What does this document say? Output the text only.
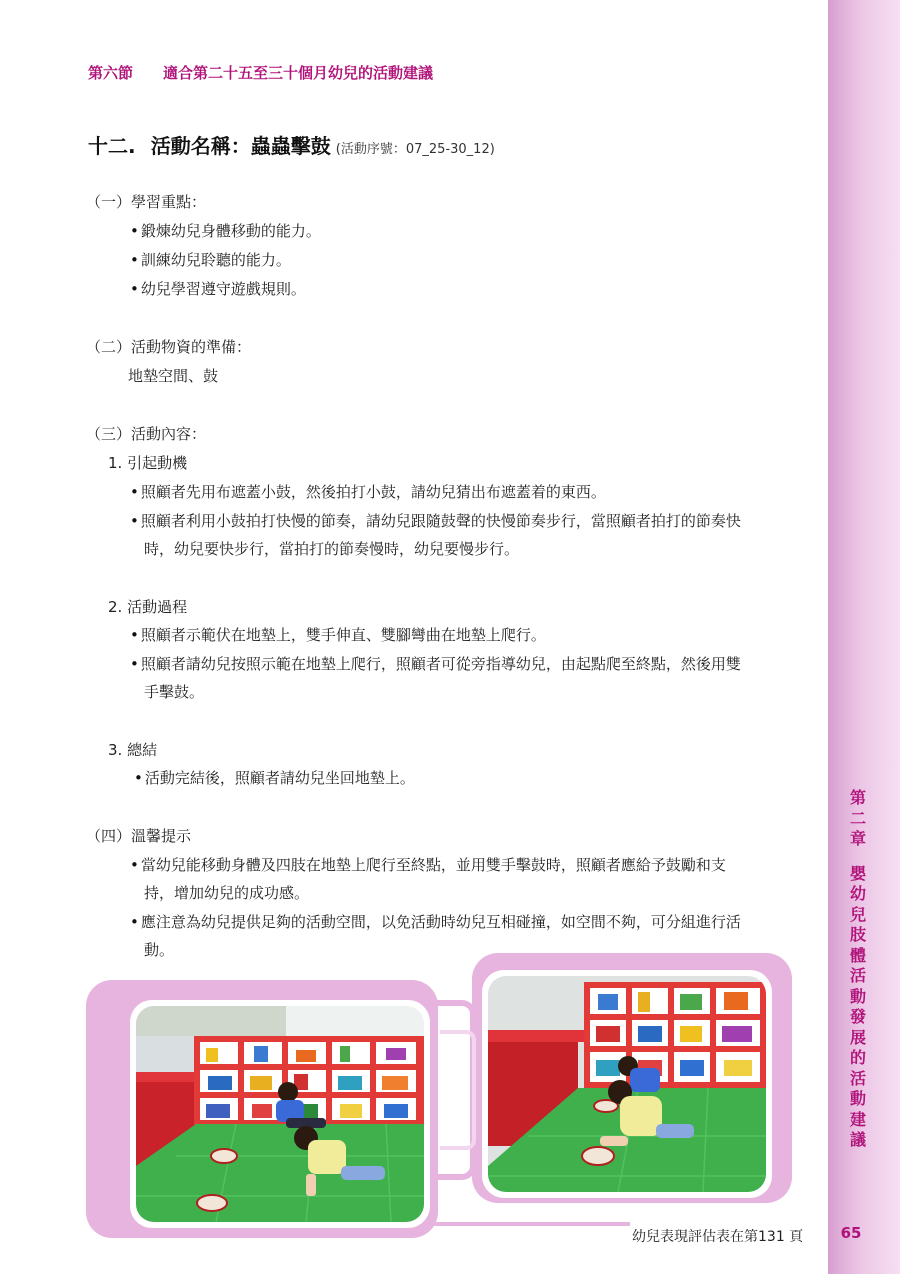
第二章
嬰幼兒肢體活動發展的活動建議
第六節 適合第二十五至三十個月幼兒的活動建議
十二. 活動名稱：蟲蟲擊鼓 (活動序號：07_25-30_12)
（一）學習重點：
• 鍛煉幼兒身體移動的能力。
• 訓練幼兒聆聽的能力。
• 幼兒學習遵守遊戲規則。
（二）活動物資的準備：
地墊空間、鼓
（三）活動內容：
1. 引起動機
• 照顧者先用布遮蓋小鼓，然後拍打小鼓，請幼兒猜出布遮蓋着的東西。
• 照顧者利用小鼓拍打快慢的節奏，請幼兒跟隨鼓聲的快慢節奏步行，當照顧者拍打的節奏快
時，幼兒要快步行，當拍打的節奏慢時，幼兒要慢步行。
2. 活動過程
• 照顧者示範伏在地墊上，雙手伸直、雙腳彎曲在地墊上爬行。
• 照顧者請幼兒按照示範在地墊上爬行，照顧者可從旁指導幼兒，由起點爬至終點，然後用雙
手擊鼓。
3. 總結
• 活動完結後，照顧者請幼兒坐回地墊上。
（四）溫馨提示
• 當幼兒能移動身體及四肢在地墊上爬行至終點，並用雙手擊鼓時，照顧者應給予鼓勵和支
持，增加幼兒的成功感。
• 應注意為幼兒提供足夠的活動空間，以免活動時幼兒互相碰撞，如空間不夠，可分組進行活
動。
幼兒表現評估表在第131 頁	65
